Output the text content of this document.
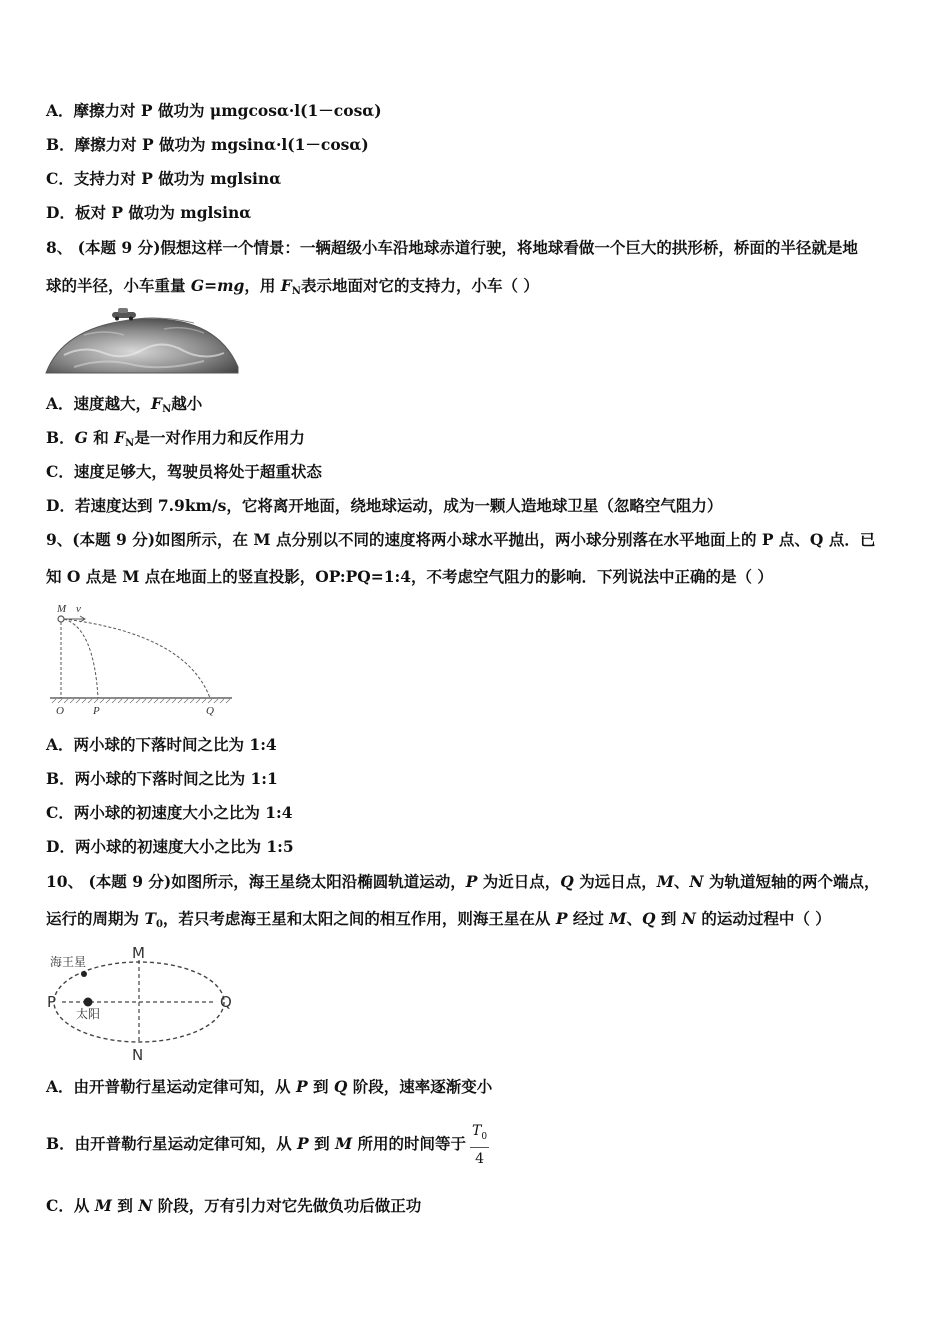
A．摩擦力对 P 做功为 μmgcosα·l(1－cosα)
B．摩擦力对 P 做功为 mgsinα·l(1－cosα)
C．支持力对 P 做功为 mglsinα
D．板对 P 做功为 mglsinα
8、 (本题 9 分)假想这样一个情景：一辆超级小车沿地球赤道行驶，将地球看做一个巨大的拱形桥，桥面的半径就是地
球的半径，小车重量 G=mg，用 $F_N$表示地面对它的支持力，小车（ ）
A．速度越大，$F_N$越小
B．G 和 $F_N$是一对作用力和反作用力
C．速度足够大，驾驶员将处于超重状态
D．若速度达到 7.9km/s，它将离开地面，绕地球运动，成为一颗人造地球卫星（忽略空气阻力）
9、(本题 9 分)如图所示，在 M 点分别以不同的速度将两小球水平抛出，两小球分别落在水平地面上的 P 点、Q 点．已
知 O 点是 M 点在地面上的竖直投影，OP:PQ=1:4，不考虑空气阻力的影响．下列说法中正确的是（ ）
M v
O	P	Q
A．两小球的下落时间之比为 1:4
B．两小球的下落时间之比为 1:1
C．两小球的初速度大小之比为 1:4
D．两小球的初速度大小之比为 1:5
10、 (本题 9 分)如图所示，海王星绕太阳沿椭圆轨道运动，P 为近日点，Q 为远日点，M、N 为轨道短轴的两个端点，
运行的周期为 $T_0$，若只考虑海王星和太阳之间的相互作用，则海王星在从 P 经过 M、Q 到 N 的运动过程中（ ）
海王星
太阳
M
N
P	Q
A．由开普勒行星运动定律可知，从 P 到 Q 阶段，速率逐渐变小
B．由开普勒行星运动定律可知，从 P 到 M 所用的时间等于 $\frac{T_0}{4}$
C．从 M 到 N 阶段，万有引力对它先做负功后做正功
